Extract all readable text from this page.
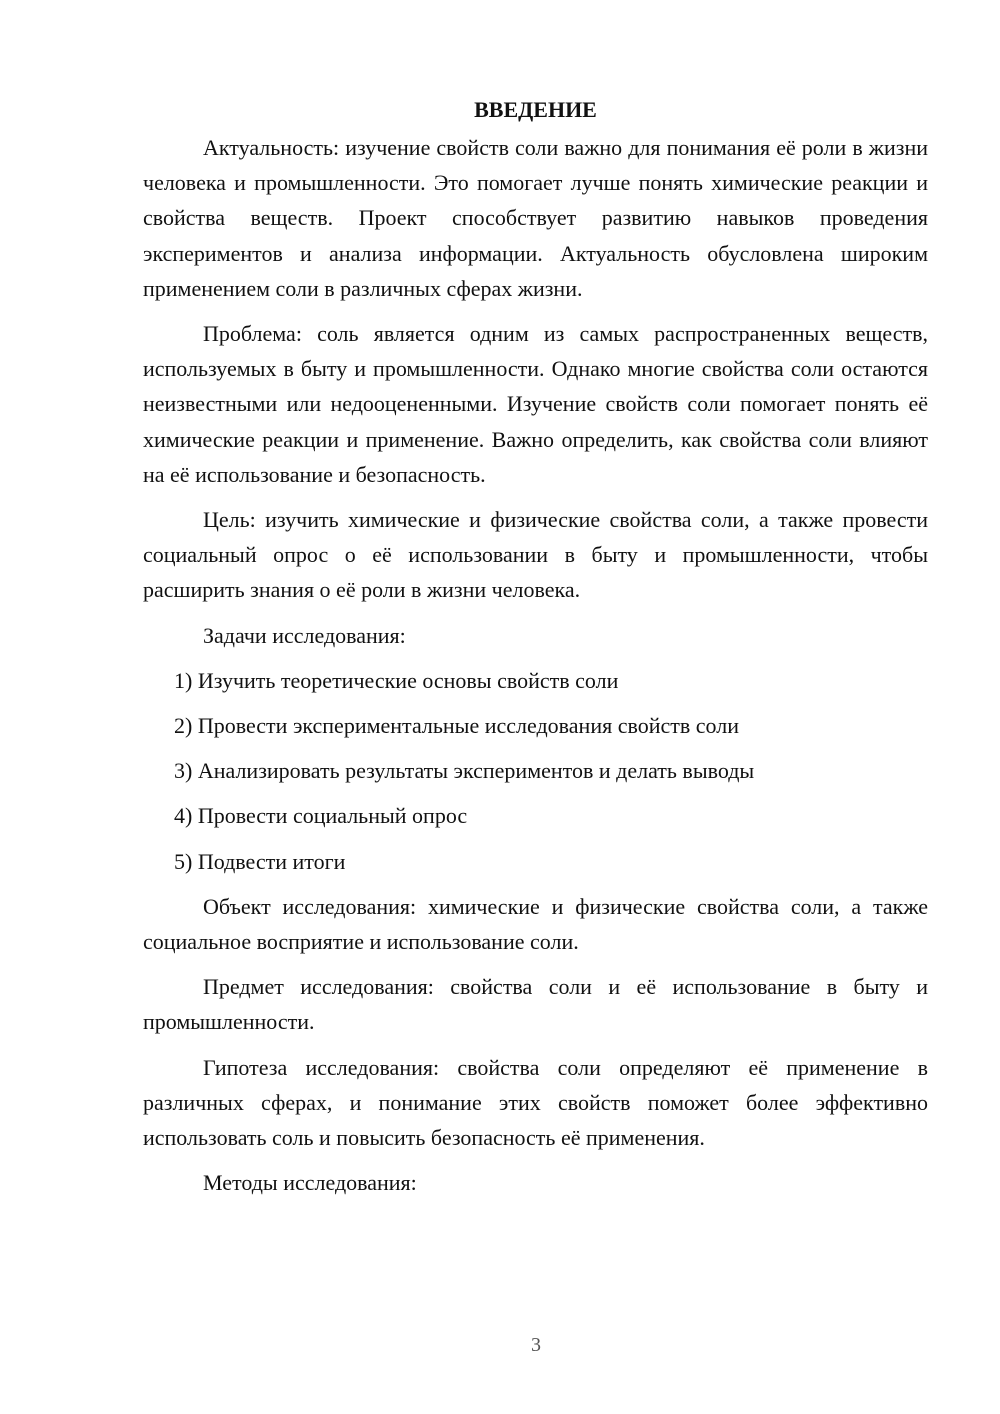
ВВЕДЕНИЕ

Актуальность: изучение свойств соли важно для понимания её роли в жизни человека и промышленности. Это помогает лучше понять химические реакции и свойства веществ. Проект способствует развитию навыков проведения экспериментов и анализа информации. Актуальность обусловлена широким применением соли в различных сферах жизни.

Проблема: соль является одним из самых распространенных веществ, используемых в быту и промышленности. Однако многие свойства соли остаются неизвестными или недооцененными. Изучение свойств соли помогает понять её химические реакции и применение. Важно определить, как свойства соли влияют на её использование и безопасность.

Цель: изучить химические и физические свойства соли, а также провести социальный опрос о её использовании в быту и промышленности, чтобы расширить знания о её роли в жизни человека.

Задачи исследования:

1) Изучить теоретические основы свойств соли
2) Провести экспериментальные исследования свойств соли
3) Анализировать результаты экспериментов и делать выводы
4) Провести социальный опрос
5) Подвести итоги

Объект исследования: химические и физические свойства соли, а также социальное восприятие и использование соли.

Предмет исследования: свойства соли и её использование в быту и промышленности.

Гипотеза исследования: свойства соли определяют её применение в различных сферах, и понимание этих свойств поможет более эффективно использовать соль и повысить безопасность её применения.

Методы исследования:

3
